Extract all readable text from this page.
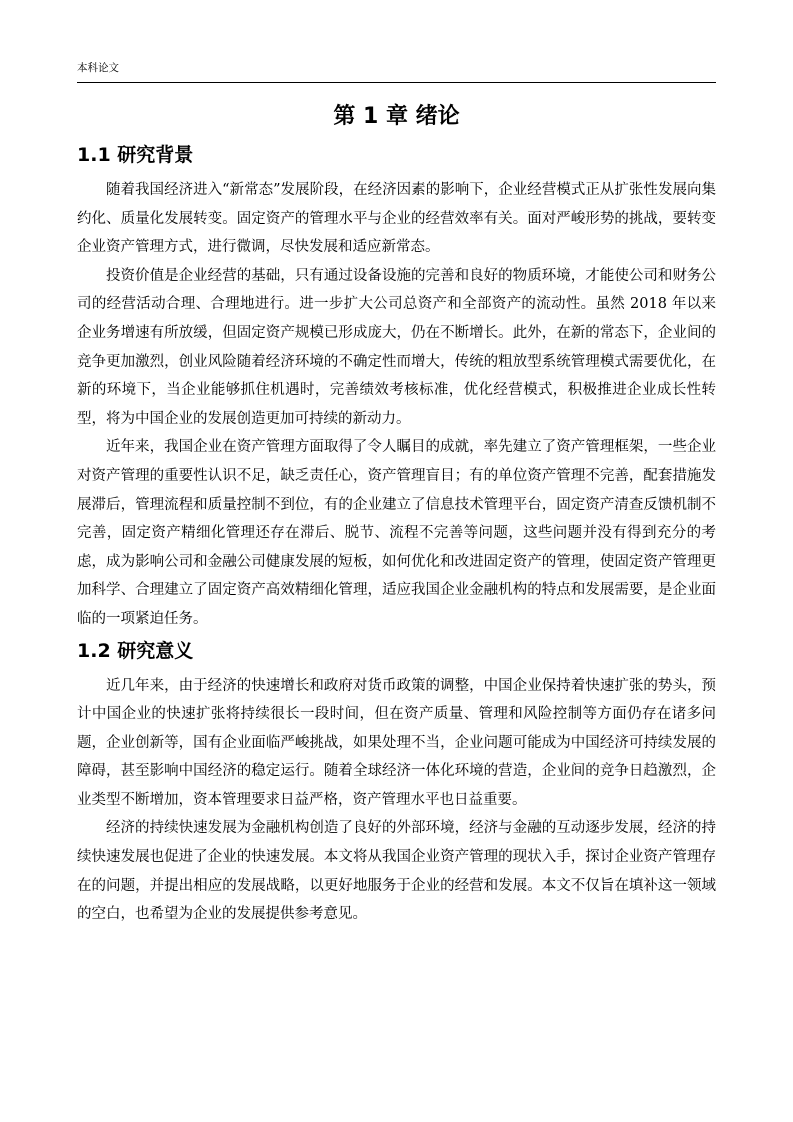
本科论文
第 1 章 绪论
1.1 研究背景

随着我国经济进入“新常态”发展阶段，在经济因素的影响下，企业经营模式正从扩张性发展向集约化、质量化发展转变。固定资产的管理水平与企业的经营效率有关。面对严峻形势的挑战，要转变企业资产管理方式，进行微调，尽快发展和适应新常态。

投资价值是企业经营的基础，只有通过设备设施的完善和良好的物质环境，才能使公司和财务公司的经营活动合理、合理地进行。进一步扩大公司总资产和全部资产的流动性。虽然 2018 年以来企业务增速有所放缓，但固定资产规模已形成庞大，仍在不断增长。此外，在新的常态下，企业间的竞争更加激烈，创业风险随着经济环境的不确定性而增大，传统的粗放型系统管理模式需要优化，在新的环境下，当企业能够抓住机遇时，完善绩效考核标准，优化经营模式，积极推进企业成长性转型，将为中国企业的发展创造更加可持续的新动力。

近年来，我国企业在资产管理方面取得了令人瞩目的成就，率先建立了资产管理框架，一些企业对资产管理的重要性认识不足，缺乏责任心，资产管理盲目；有的单位资产管理不完善，配套措施发展滞后，管理流程和质量控制不到位，有的企业建立了信息技术管理平台，固定资产清查反馈机制不完善，固定资产精细化管理还存在滞后、脱节、流程不完善等问题，这些问题并没有得到充分的考虑，成为影响公司和金融公司健康发展的短板，如何优化和改进固定资产的管理，使固定资产管理更加科学、合理建立了固定资产高效精细化管理，适应我国企业金融机构的特点和发展需要，是企业面临的一项紧迫任务。

1.2 研究意义

近几年来，由于经济的快速增长和政府对货币政策的调整，中国企业保持着快速扩张的势头，预计中国企业的快速扩张将持续很长一段时间，但在资产质量、管理和风险控制等方面仍存在诸多问题，企业创新等，国有企业面临严峻挑战，如果处理不当，企业问题可能成为中国经济可持续发展的障碍，甚至影响中国经济的稳定运行。随着全球经济一体化环境的营造，企业间的竞争日趋激烈，企业类型不断增加，资本管理要求日益严格，资产管理水平也日益重要。

经济的持续快速发展为金融机构创造了良好的外部环境，经济与金融的互动逐步发展，经济的持续快速发展也促进了企业的快速发展。本文将从我国企业资产管理的现状入手，探讨企业资产管理存在的问题，并提出相应的发展战略，以更好地服务于企业的经营和发展。本文不仅旨在填补这一领域的空白，也希望为企业的发展提供参考意见。
